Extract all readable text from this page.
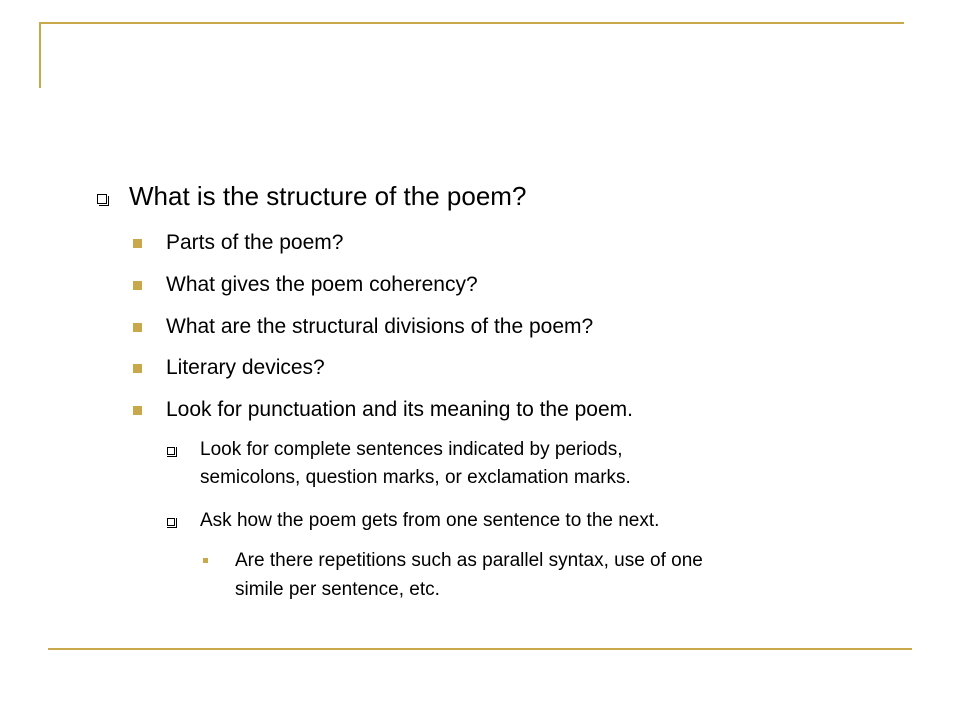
What is the structure of the poem?
Parts of the poem?
What gives the poem coherency?
What are the structural divisions of the poem?
Literary devices?
Look for punctuation and its meaning to the poem.
Look for complete sentences indicated by periods,
semicolons, question marks, or exclamation marks.
Ask how the poem gets from one sentence to the next.
Are there repetitions such as parallel syntax, use of one
simile per sentence, etc.
